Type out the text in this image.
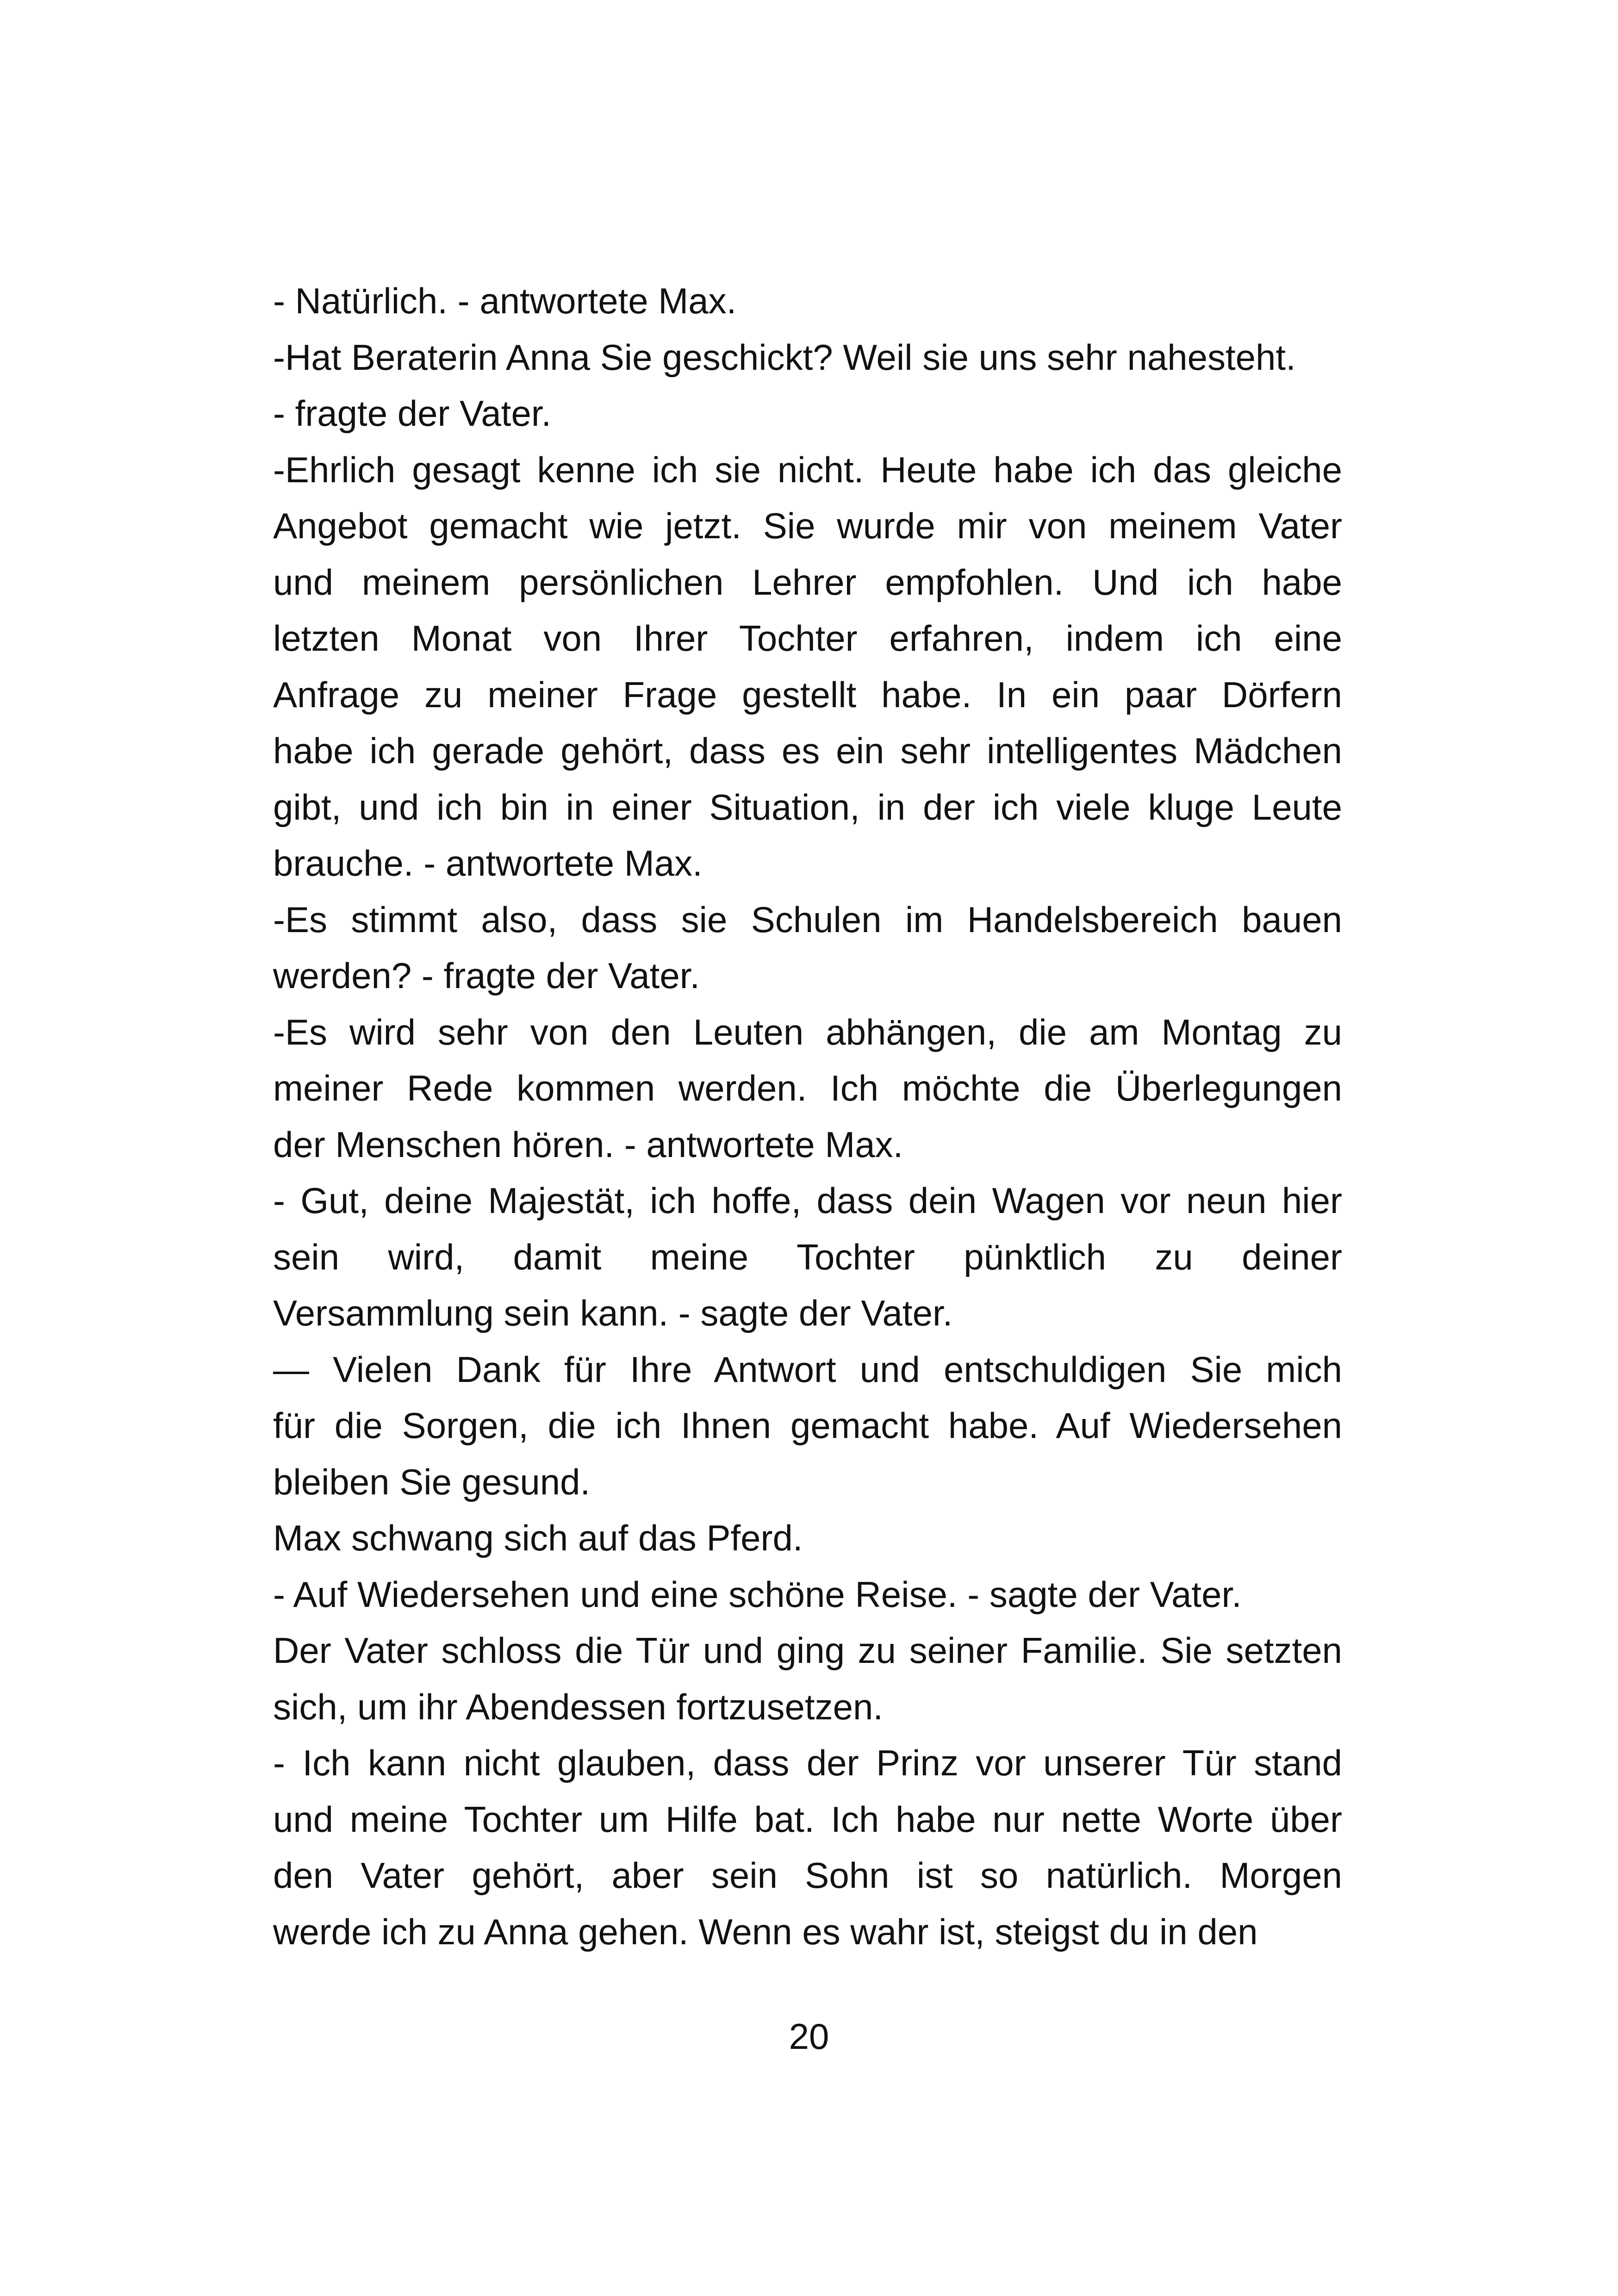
- Natürlich. - antwortete Max.
-Hat Beraterin Anna Sie geschickt? Weil sie uns sehr nahesteht.
- fragte der Vater.
-Ehrlich gesagt kenne ich sie nicht. Heute habe ich das gleiche
Angebot gemacht wie jetzt. Sie wurde mir von meinem Vater
und meinem persönlichen Lehrer empfohlen. Und ich habe
letzten Monat von Ihrer Tochter erfahren, indem ich eine
Anfrage zu meiner Frage gestellt habe. In ein paar Dörfern
habe ich gerade gehört, dass es ein sehr intelligentes Mädchen
gibt, und ich bin in einer Situation, in der ich viele kluge Leute
brauche. - antwortete Max.
-Es stimmt also, dass sie Schulen im Handelsbereich bauen
werden? - fragte der Vater.
-Es wird sehr von den Leuten abhängen, die am Montag zu
meiner Rede kommen werden. Ich möchte die Überlegungen
der Menschen hören. - antwortete Max.
- Gut, deine Majestät, ich hoffe, dass dein Wagen vor neun hier
sein wird, damit meine Tochter pünktlich zu deiner
Versammlung sein kann. - sagte der Vater.
— Vielen Dank für Ihre Antwort und entschuldigen Sie mich
für die Sorgen, die ich Ihnen gemacht habe. Auf Wiedersehen
bleiben Sie gesund.
Max schwang sich auf das Pferd.
- Auf Wiedersehen und eine schöne Reise. - sagte der Vater.
Der Vater schloss die Tür und ging zu seiner Familie. Sie setzten
sich, um ihr Abendessen fortzusetzen.
- Ich kann nicht glauben, dass der Prinz vor unserer Tür stand
und meine Tochter um Hilfe bat. Ich habe nur nette Worte über
den Vater gehört, aber sein Sohn ist so natürlich. Morgen
werde ich zu Anna gehen. Wenn es wahr ist, steigst du in den
20
